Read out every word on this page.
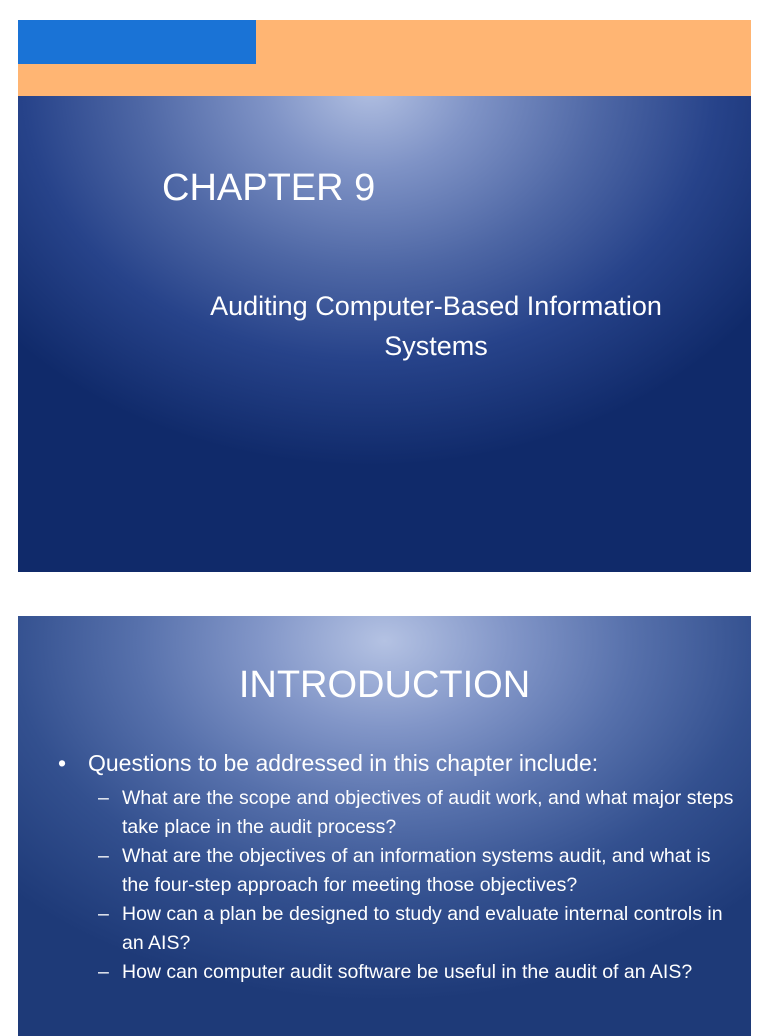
CHAPTER 9

Auditing Computer-Based Information Systems

INTRODUCTION
• Questions to be addressed in this chapter include:
– What are the scope and objectives of audit work, and what major steps take place in the audit process?
– What are the objectives of an information systems audit, and what is the four-step approach for meeting those objectives?
– How can a plan be designed to study and evaluate internal controls in an AIS?
– How can computer audit software be useful in the audit of an AIS?
